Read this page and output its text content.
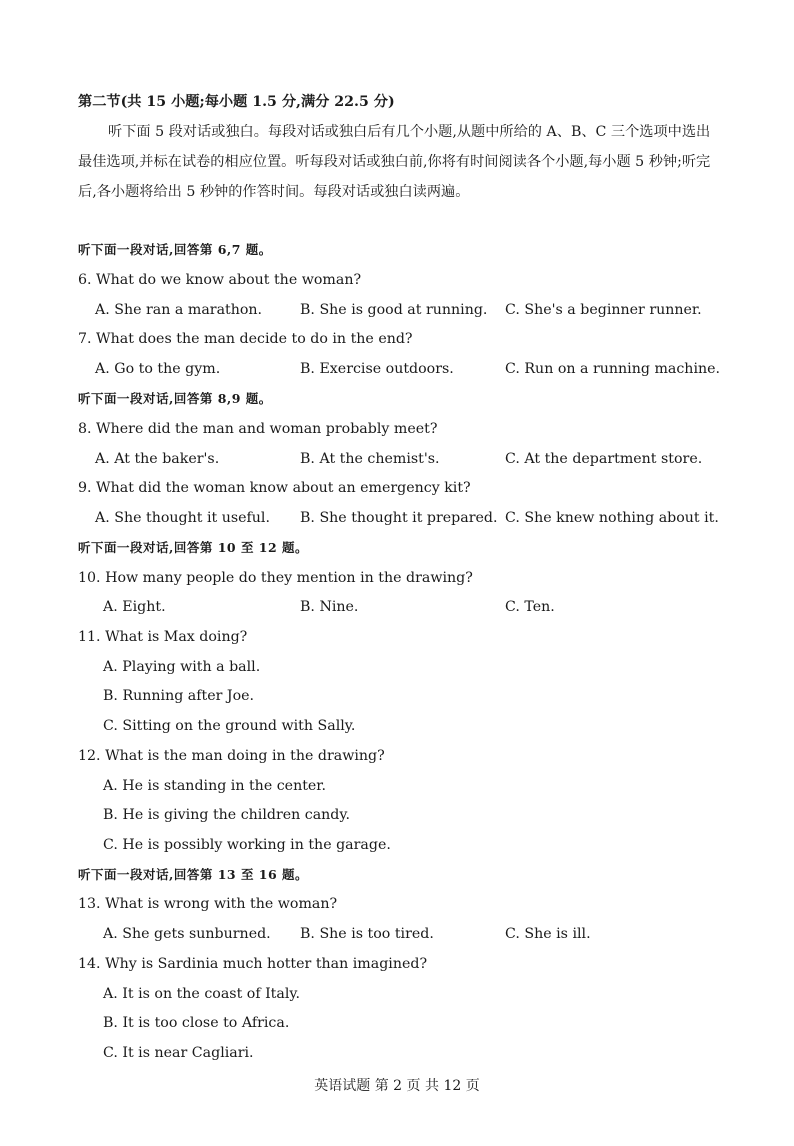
第二节(共 15 小题;每小题 1.5 分,满分 22.5 分)
听下面 5 段对话或独白。每段对话或独白后有几个小题,从题中所给的 A、B、C 三个选项中选出最佳选项,并标在试卷的相应位置。听每段对话或独白前,你将有时间阅读各个小题,每小题 5 秒钟;听完后,各小题将给出 5 秒钟的作答时间。每段对话或独白读两遍。
听下面一段对话,回答第 6,7 题。
6. What do we know about the woman?
A. She ran a marathon.	B. She is good at running. C. She's a beginner runner.
7. What does the man decide to do in the end?
A. Go to the gym.	B. Exercise outdoors.	C. Run on a running machine.
听下面一段对话,回答第 8,9 题。
8. Where did the man and woman probably meet?
A. At the baker's.	B. At the chemist's.	C. At the department store.
9. What did the woman know about an emergency kit?
A. She thought it useful. B. She thought it prepared. C. She knew nothing about it.
听下面一段对话,回答第 10 至 12 题。
10. How many people do they mention in the drawing?
A. Eight.	B. Nine.	C. Ten.
11. What is Max doing?
A. Playing with a ball.
B. Running after Joe.
C. Sitting on the ground with Sally.
12. What is the man doing in the drawing?
A. He is standing in the center.
B. He is giving the children candy.
C. He is possibly working in the garage.
听下面一段对话,回答第 13 至 16 题。
13. What is wrong with the woman?
A. She gets sunburned. B. She is too tired.	C. She is ill.
14. Why is Sardinia much hotter than imagined?
A. It is on the coast of Italy.
B. It is too close to Africa.
C. It is near Cagliari.
英语试题 第 2 页 共 12 页
